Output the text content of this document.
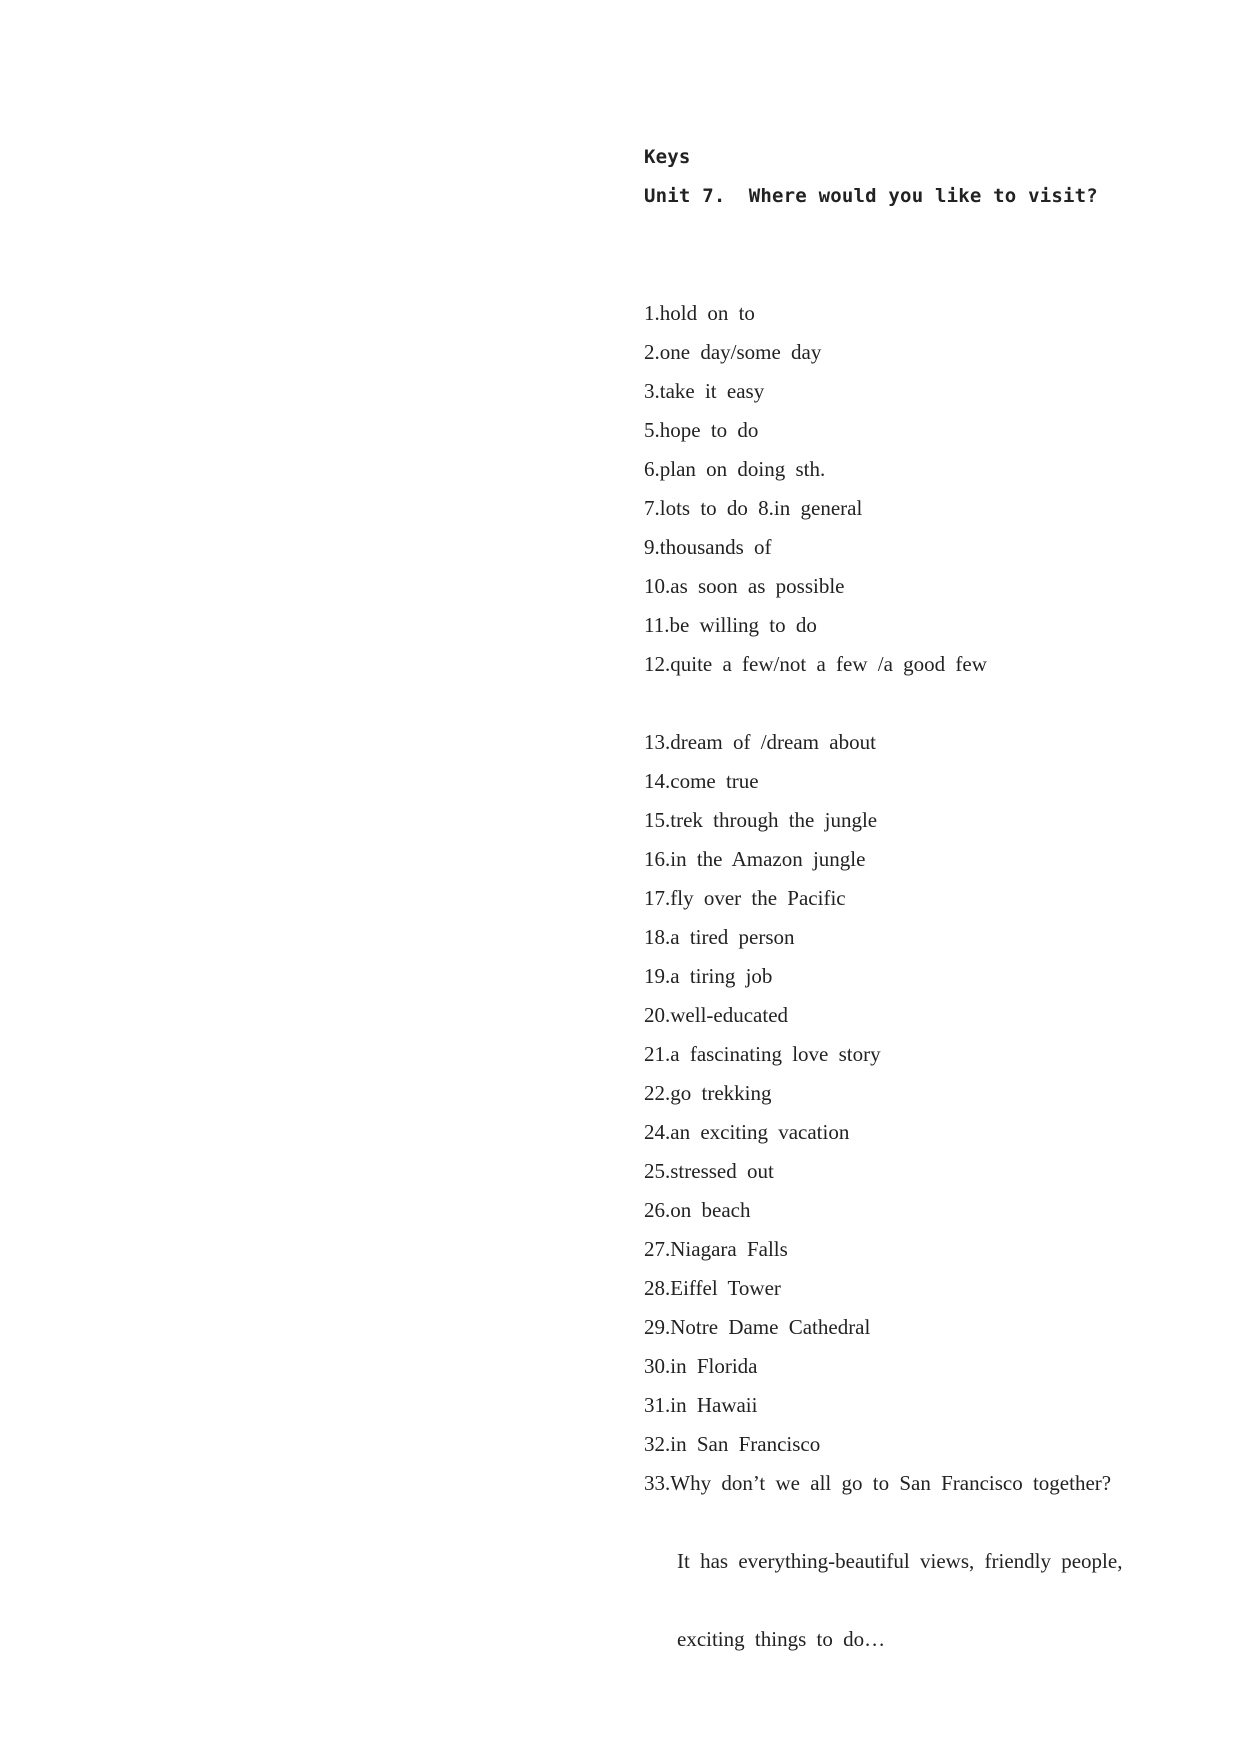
Keys
Unit 7.  Where would you like to visit?
1.hold on to
2.one day/some day
3.take it easy
5.hope to do
6.plan on doing sth.
7.lots to do 8.in general
9.thousands of
10.as soon as possible
11.be willing to do
12.quite a few/not a few /a good few
13.dream of /dream about
14.come true
15.trek through the jungle
16.in the Amazon jungle
17.fly over the Pacific
18.a tired person
19.a tiring job
20.well-educated
21.a fascinating love story
22.go trekking
24.an exciting vacation
25.stressed out
26.on beach
27.Niagara Falls
28.Eiffel Tower
29.Notre Dame Cathedral
30.in Florida
31.in Hawaii
32.in San Francisco
33.Why don’t we all go to San Francisco together?
It has everything-beautiful views, friendly people,
exciting things to do…
